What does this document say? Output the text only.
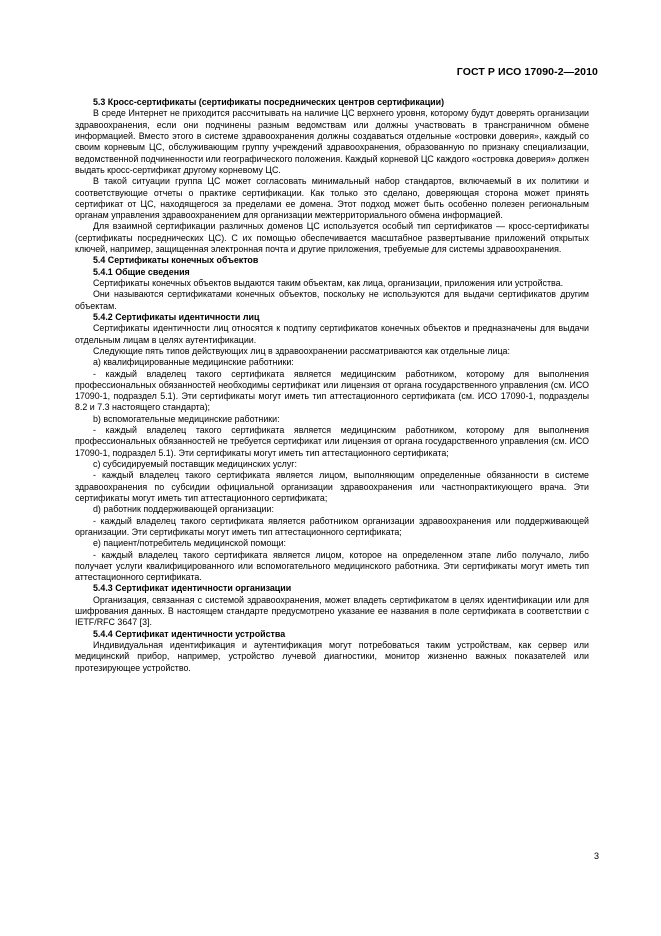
ГОСТ Р ИСО 17090-2—2010

5.3 Кросс-сертификаты (сертификаты посреднических центров сертификации)

В среде Интернет не приходится рассчитывать на наличие ЦС верхнего уровня, которому будут доверять организации здравоохранения, если они подчинены разным ведомствам или должны участвовать в трансграничном обмене информацией. Вместо этого в системе здравоохранения должны создаваться отдельные «островки доверия», каждый со своим корневым ЦС, обслуживающим группу учреждений здравоохранения, образованную по признаку специализации, ведомственной подчиненности или географического положения. Каждый корневой ЦС каждого «островка доверия» должен выдать кросс-сертификат другому корневому ЦС.

В такой ситуации группа ЦС может согласовать минимальный набор стандартов, включаемый в их политики и соответствующие отчеты о практике сертификации. Как только это сделано, доверяющая сторона может принять сертификат от ЦС, находящегося за пределами ее домена. Этот подход может быть особенно полезен региональным органам управления здравоохранением для организации межтерриториального обмена информацией.

Для взаимной сертификации различных доменов ЦС используется особый тип сертификатов — кросс-сертификаты (сертификаты посреднических ЦС). С их помощью обеспечивается масштабное развертывание приложений открытых ключей, например, защищенная электронная почта и другие приложения, требуемые для системы здравоохранения.

5.4 Сертификаты конечных объектов

5.4.1 Общие сведения

Сертификаты конечных объектов выдаются таким объектам, как лица, организации, приложения или устройства.

Они называются сертификатами конечных объектов, поскольку не используются для выдачи сертификатов другим объектам.

5.4.2 Сертификаты идентичности лиц

Сертификаты идентичности лиц относятся к подтипу сертификатов конечных объектов и предназначены для выдачи отдельным лицам в целях аутентификации.

Следующие пять типов действующих лиц в здравоохранении рассматриваются как отдельные лица:

a) квалифицированные медицинские работники:

- каждый владелец такого сертификата является медицинским работником, которому для выполнения профессиональных обязанностей необходимы сертификат или лицензия от органа государственного управления (см. ИСО 17090-1, подраздел 5.1). Эти сертификаты могут иметь тип аттестационного сертификата (см. ИСО 17090-1, подразделы 8.2 и 7.3 настоящего стандарта);

b) вспомогательные медицинские работники:

- каждый владелец такого сертификата является медицинским работником, которому для выполнения профессиональных обязанностей не требуется сертификат или лицензия от органа государственного управления (см. ИСО 17090-1, подраздел 5.1). Эти сертификаты могут иметь тип аттестационного сертификата;

c) субсидируемый поставщик медицинских услуг:

- каждый владелец такого сертификата является лицом, выполняющим определенные обязанности в системе здравоохранения по субсидии официальной организации здравоохранения или частнопрактикующего врача. Эти сертификаты могут иметь тип аттестационного сертификата;

d) работник поддерживающей организации:

- каждый владелец такого сертификата является работником организации здравоохранения или поддерживающей организации. Эти сертификаты могут иметь тип аттестационного сертификата;

e) пациент/потребитель медицинской помощи:

- каждый владелец такого сертификата является лицом, которое на определенном этапе либо получало, либо получает услуги квалифицированного или вспомогательного медицинского работника. Эти сертификаты могут иметь тип аттестационного сертификата.

5.4.3 Сертификат идентичности организации

Организация, связанная с системой здравоохранения, может владеть сертификатом в целях идентификации или для шифрования данных. В настоящем стандарте предусмотрено указание ее названия в поле сертификата в соответствии с IETF/RFC 3647 [3].

5.4.4 Сертификат идентичности устройства

Индивидуальная идентификация и аутентификация могут потребоваться таким устройствам, как сервер или медицинский прибор, например, устройство лучевой диагностики, монитор жизненно важных показателей или протезирующее устройство.

3
